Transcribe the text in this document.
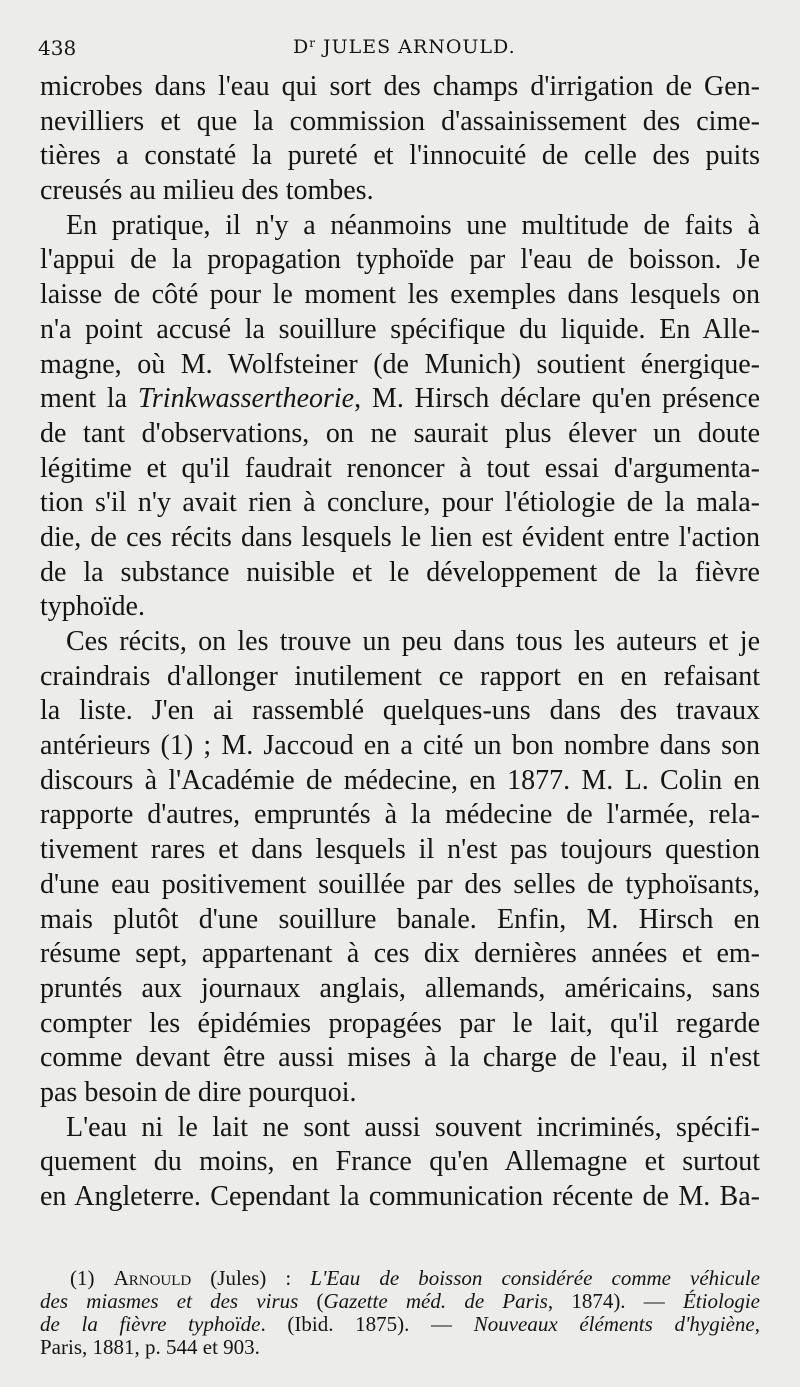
438	$D^r$ JULES ARNOULD.
microbes dans l'eau qui sort des champs d'irrigation de Gen-
nevilliers et que la commission d'assainissement des cime-
tières a constaté la pureté et l'innocuité de celle des puits
creusés au milieu des tombes.
En pratique, il n'y a néanmoins une multitude de faits à
l'appui de la propagation typhoïde par l'eau de boisson. Je
laisse de côté pour le moment les exemples dans lesquels on
n'a point accusé la souillure spécifique du liquide. En Alle-
magne, où M. Wolfsteiner (de Munich) soutient énergique-
ment la Trinkwassertheorie, M. Hirsch déclare qu'en présence
de tant d'observations, on ne saurait plus élever un doute
légitime et qu'il faudrait renoncer à tout essai d'argumenta-
tion s'il n'y avait rien à conclure, pour l'étiologie de la mala-
die, de ces récits dans lesquels le lien est évident entre l'action
de la substance nuisible et le développement de la fièvre
typhoïde.
Ces récits, on les trouve un peu dans tous les auteurs et je
craindrais d'allonger inutilement ce rapport en en refaisant
la liste. J'en ai rassemblé quelques-uns dans des travaux
antérieurs (1) ; M. Jaccoud en a cité un bon nombre dans son
discours à l'Académie de médecine, en 1877. M. L. Colin en
rapporte d'autres, empruntés à la médecine de l'armée, rela-
tivement rares et dans lesquels il n'est pas toujours question
d'une eau positivement souillée par des selles de typhoïsants,
mais plutôt d'une souillure banale. Enfin, M. Hirsch en
résume sept, appartenant à ces dix dernières années et em-
pruntés aux journaux anglais, allemands, américains, sans
compter les épidémies propagées par le lait, qu'il regarde
comme devant être aussi mises à la charge de l'eau, il n'est
pas besoin de dire pourquoi.
L'eau ni le lait ne sont aussi souvent incriminés, spécifi-
quement du moins, en France qu'en Allemagne et surtout
en Angleterre. Cependant la communication récente de M. Ba-
(1) Arnould (Jules) : L'Eau de boisson considérée comme véhicule
des miasmes et des virus (Gazette méd. de Paris, 1874). — Étiologie
de la fièvre typhoïde. (Ibid. 1875). — Nouveaux éléments d'hygiène,
Paris, 1881, p. 544 et 903.
